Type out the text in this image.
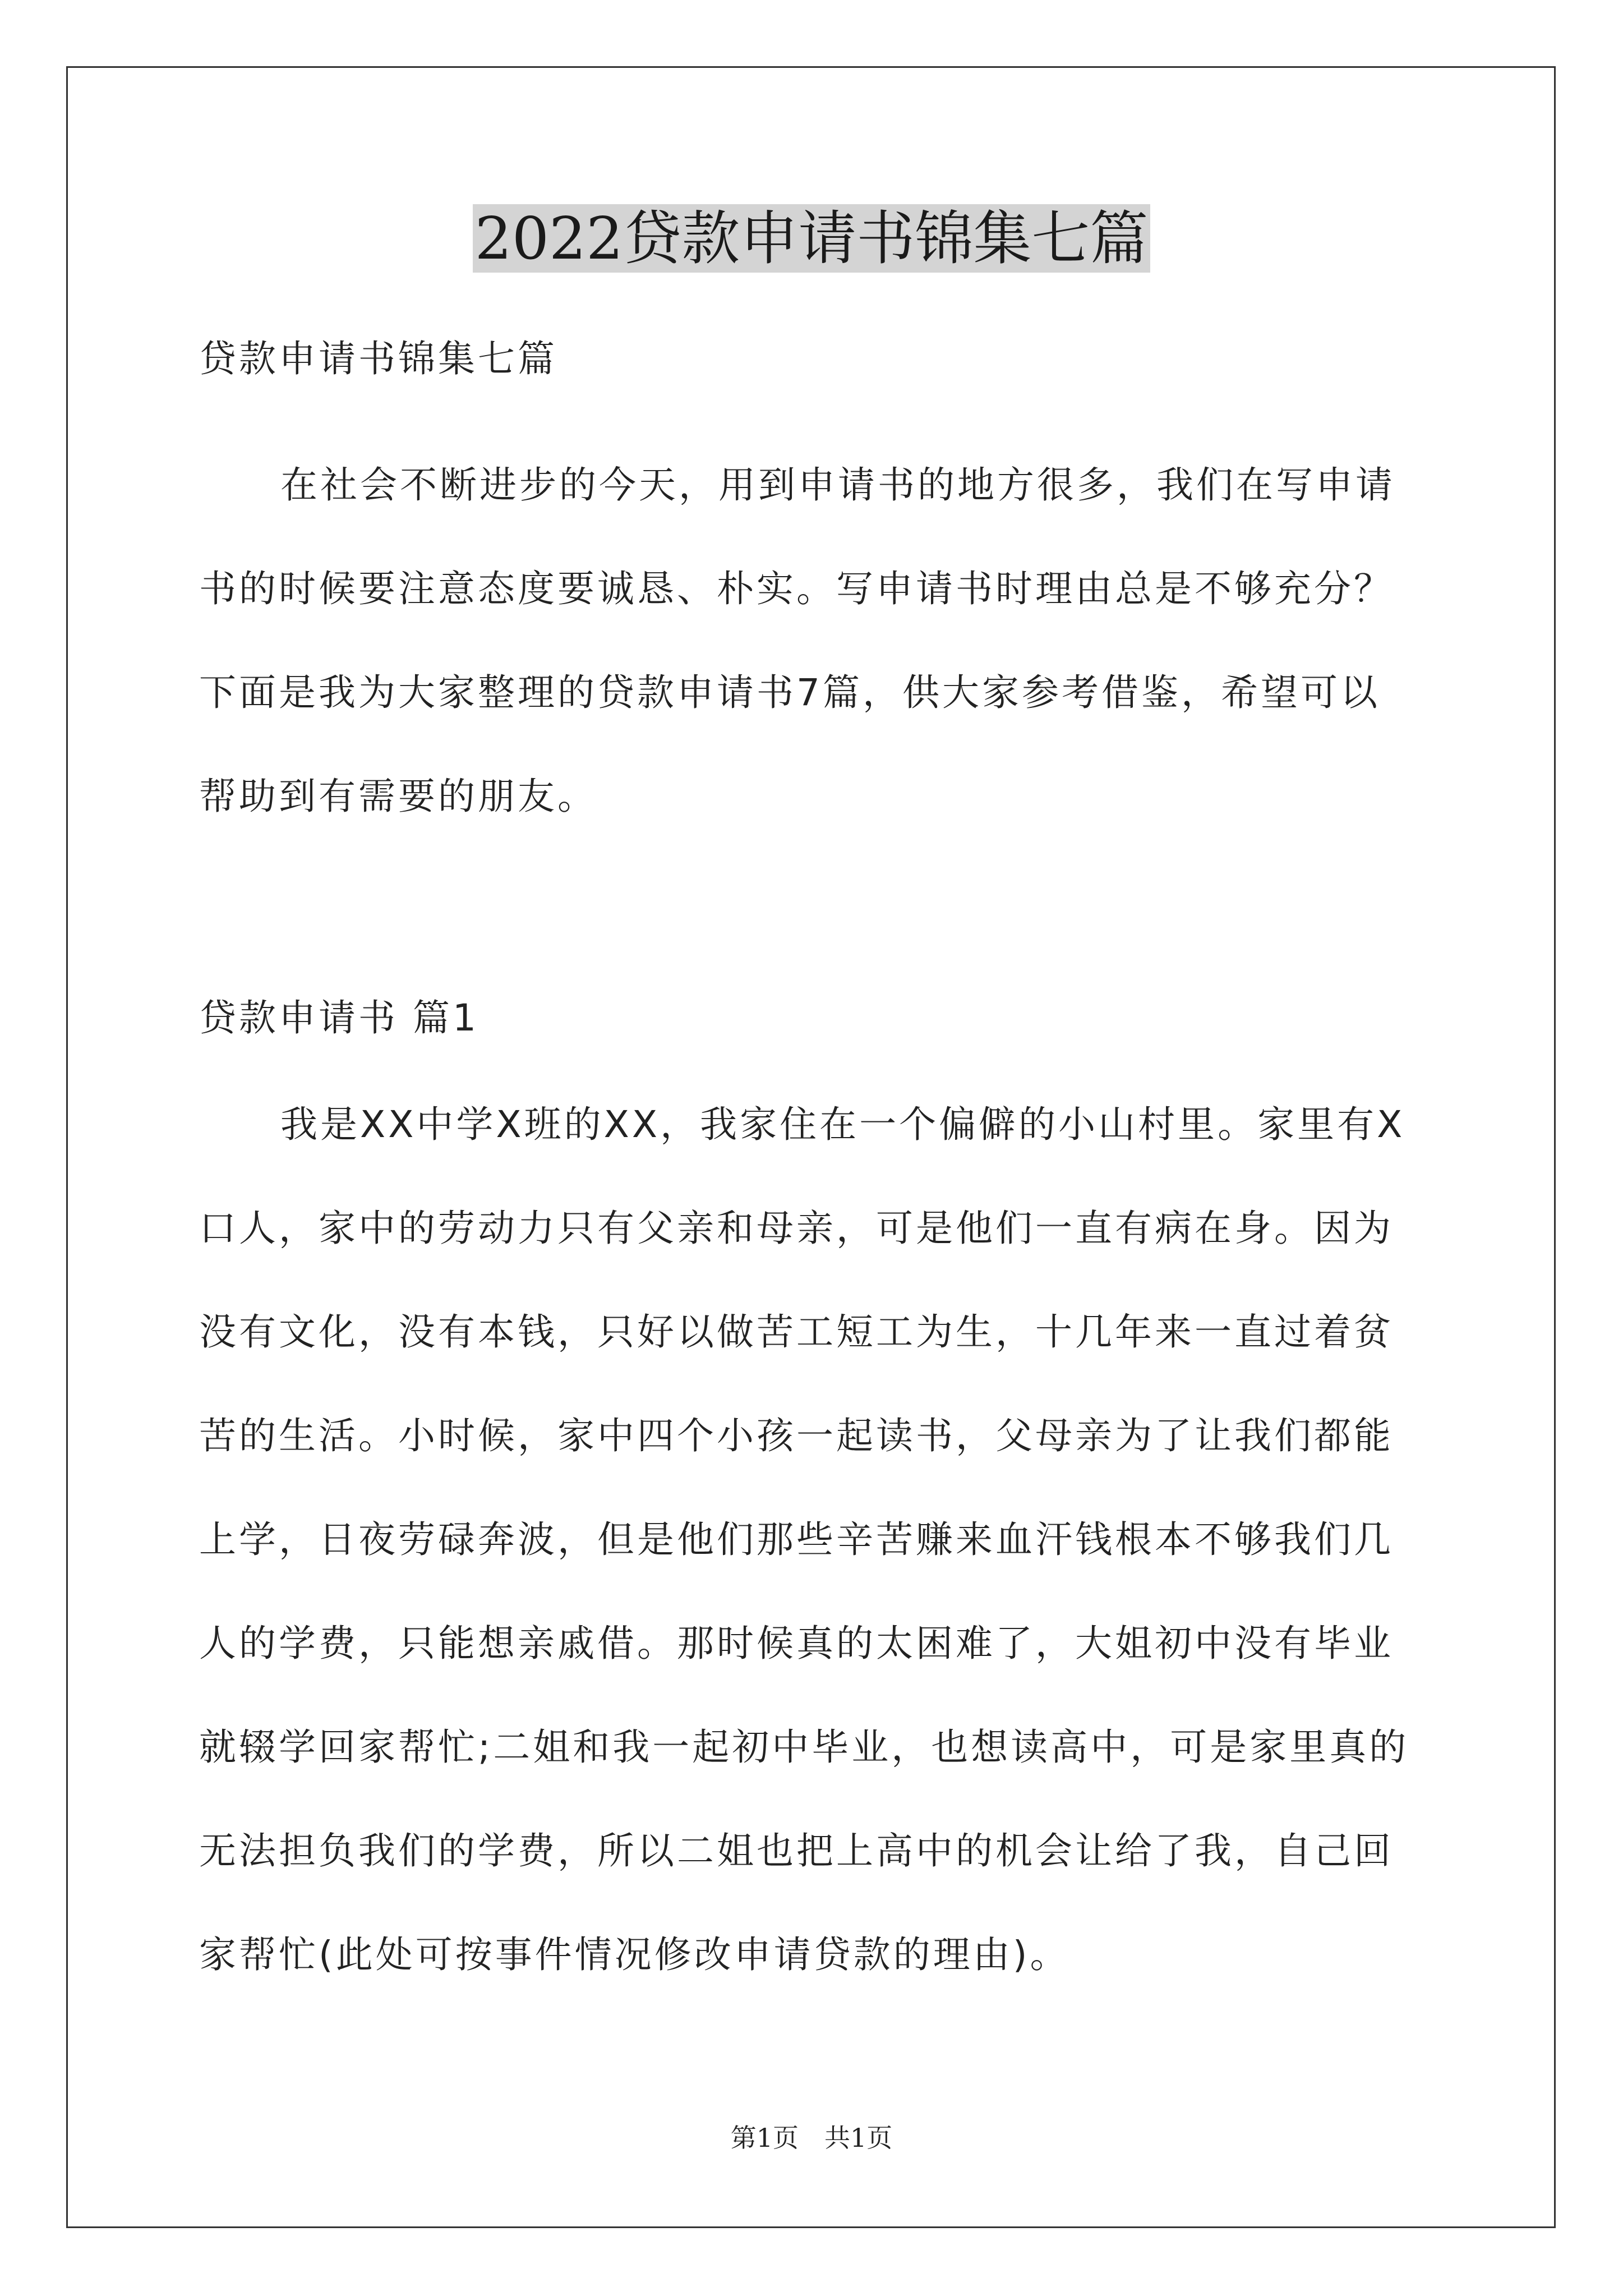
2022贷款申请书锦集七篇
贷款申请书锦集七篇
在社会不断进步的今天，用到申请书的地方很多，我们在写申请
书的时候要注意态度要诚恳、朴实。写申请书时理由总是不够充分？
下面是我为大家整理的贷款申请书7篇，供大家参考借鉴，希望可以
帮助到有需要的朋友。
贷款申请书 篇1
我是XX中学X班的XX，我家住在一个偏僻的小山村里。家里有X
口人，家中的劳动力只有父亲和母亲，可是他们一直有病在身。因为
没有文化，没有本钱，只好以做苦工短工为生，十几年来一直过着贫
苦的生活。小时候，家中四个小孩一起读书，父母亲为了让我们都能
上学，日夜劳碌奔波，但是他们那些辛苦赚来血汗钱根本不够我们几
人的学费，只能想亲戚借。那时候真的太困难了，大姐初中没有毕业
就辍学回家帮忙;二姐和我一起初中毕业，也想读高中，可是家里真的
无法担负我们的学费，所以二姐也把上高中的机会让给了我，自己回
家帮忙(此处可按事件情况修改申请贷款的理由)。
第1页　共1页
